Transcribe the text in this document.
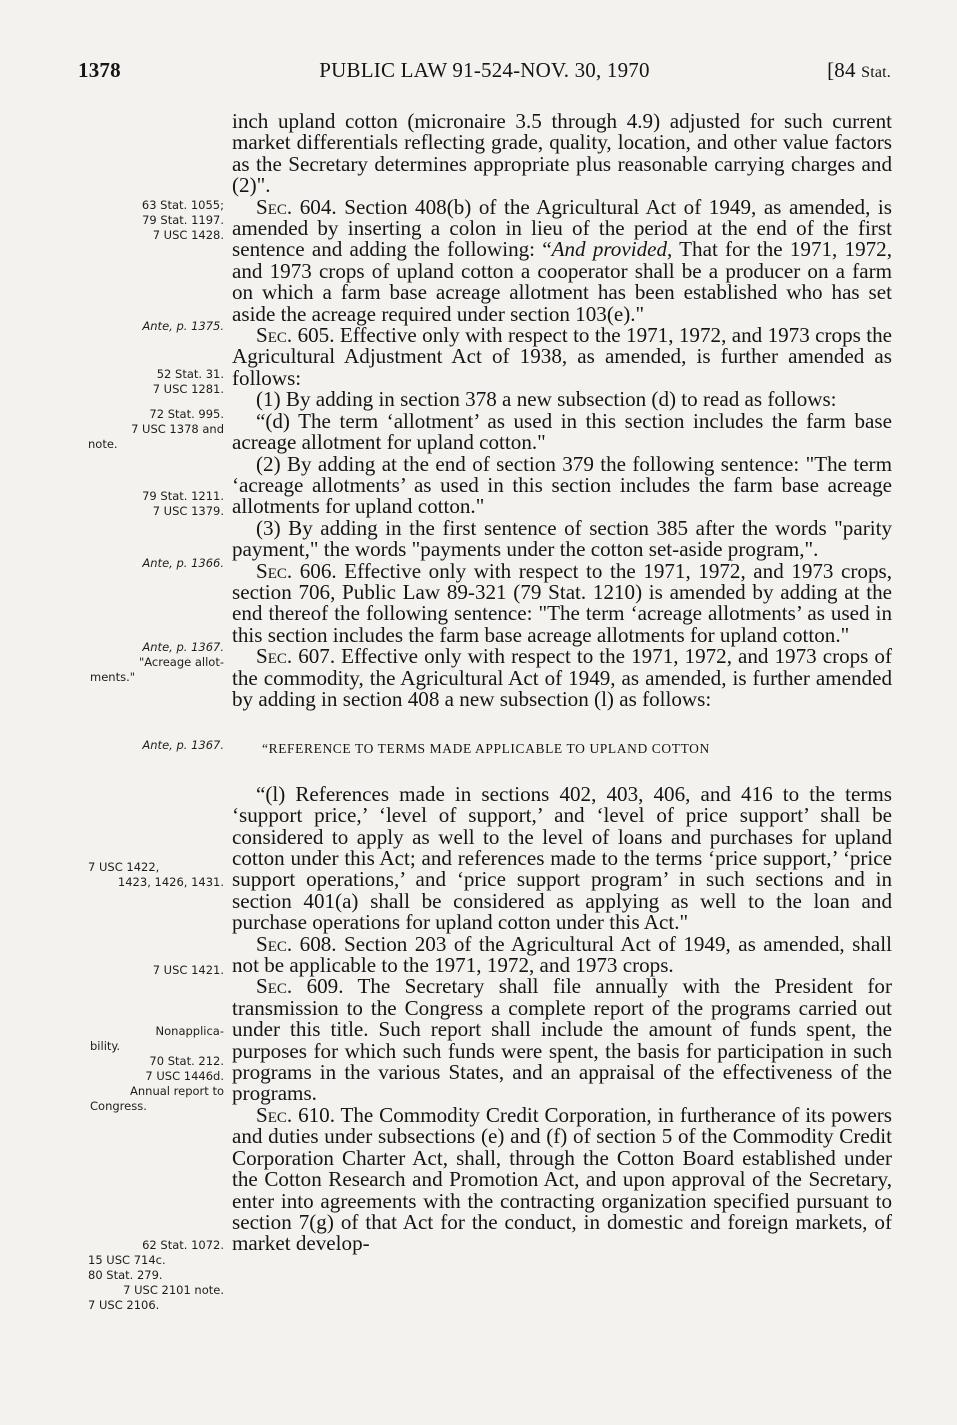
1378	PUBLIC LAW 91-524-NOV. 30, 1970	[84 Stat.
63 Stat. 1055;
79 Stat. 1197.
7 USC 1428.
Ante, p. 1375.
52 Stat. 31.
7 USC 1281.
72 Stat. 995.
7 USC 1378 and
note.
79 Stat. 1211.
7 USC 1379.
Ante, p. 1366.
Ante, p. 1367.
"Acreage allot-
ments."
Ante, p. 1367.
7 USC 1422,
1423, 1426, 1431.
7 USC 1421.
Nonapplica-
bility.
70 Stat. 212.
7 USC 1446d.
Annual report to
Congress.
62 Stat. 1072.
15 USC 714c.
80 Stat. 279.
7 USC 2101 note.
7 USC 2106.

inch upland cotton (micronaire 3.5 through 4.9) adjusted for such current market differentials reflecting grade, quality, location, and other value factors as the Secretary determines appropriate plus reasonable carrying charges and (2)".

Sec. 604. Section 408(b) of the Agricultural Act of 1949, as amended, is amended by inserting a colon in lieu of the period at the end of the first sentence and adding the following: “And provided, That for the 1971, 1972, and 1973 crops of upland cotton a cooperator shall be a producer on a farm on which a farm base acreage allotment has been established who has set aside the acreage required under section 103(e)."

Sec. 605. Effective only with respect to the 1971, 1972, and 1973 crops the Agricultural Adjustment Act of 1938, as amended, is further amended as follows:

(1) By adding in section 378 a new subsection (d) to read as follows:

“(d) The term ‘allotment’ as used in this section includes the farm base acreage allotment for upland cotton."

(2) By adding at the end of section 379 the following sentence: "The term ‘acreage allotments’ as used in this section includes the farm base acreage allotments for upland cotton."

(3) By adding in the first sentence of section 385 after the words "parity payment," the words "payments under the cotton set-aside program,".

Sec. 606. Effective only with respect to the 1971, 1972, and 1973 crops, section 706, Public Law 89-321 (79 Stat. 1210) is amended by adding at the end thereof the following sentence: "The term ‘acreage allotments’ as used in this section includes the farm base acreage allotments for upland cotton."

Sec. 607. Effective only with respect to the 1971, 1972, and 1973 crops of the commodity, the Agricultural Act of 1949, as amended, is further amended by adding in section 408 a new subsection (l) as follows:

“REFERENCE TO TERMS MADE APPLICABLE TO UPLAND COTTON

“(l) References made in sections 402, 403, 406, and 416 to the terms ‘support price,’ ‘level of support,’ and ‘level of price support’ shall be considered to apply as well to the level of loans and purchases for upland cotton under this Act; and references made to the terms ‘price support,’ ‘price support operations,’ and ‘price support program’ in such sections and in section 401(a) shall be considered as applying as well to the loan and purchase operations for upland cotton under this Act."

Sec. 608. Section 203 of the Agricultural Act of 1949, as amended, shall not be applicable to the 1971, 1972, and 1973 crops.

Sec. 609. The Secretary shall file annually with the President for transmission to the Congress a complete report of the programs carried out under this title. Such report shall include the amount of funds spent, the purposes for which such funds were spent, the basis for participation in such programs in the various States, and an appraisal of the effectiveness of the programs.

Sec. 610. The Commodity Credit Corporation, in furtherance of its powers and duties under subsections (e) and (f) of section 5 of the Commodity Credit Corporation Charter Act, shall, through the Cotton Board established under the Cotton Research and Promotion Act, and upon approval of the Secretary, enter into agreements with the contracting organization specified pursuant to section 7(g) of that Act for the conduct, in domestic and foreign markets, of market develop-
